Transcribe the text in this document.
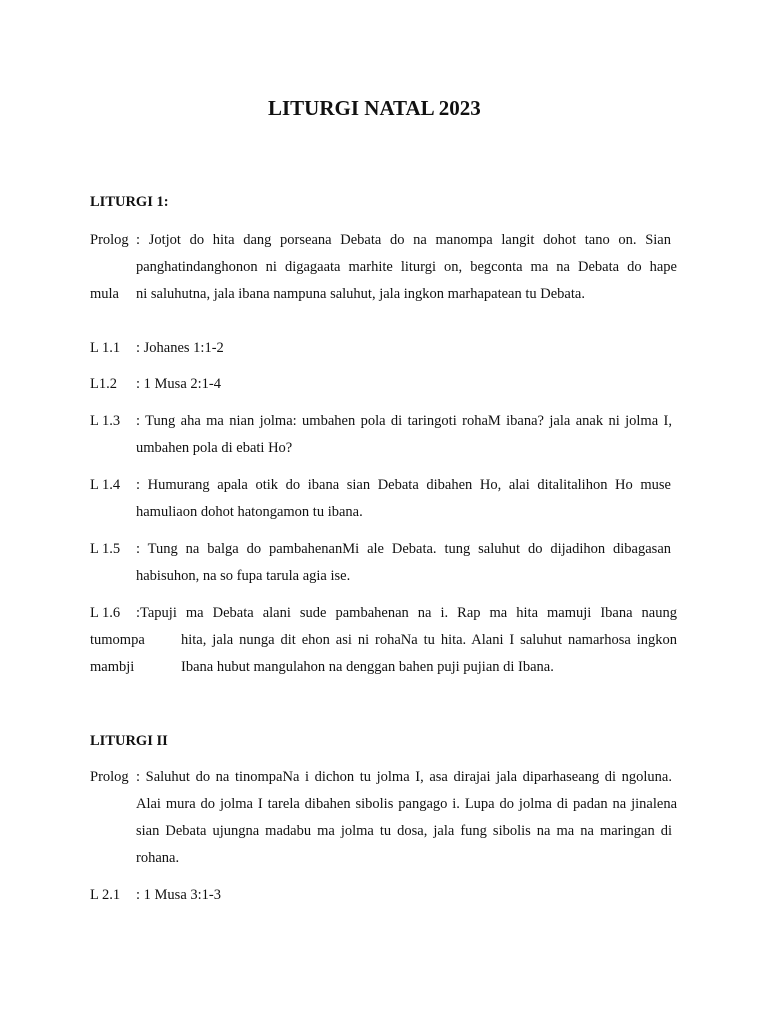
LITURGI NATAL 2023
LITURGI 1:
Prolog : Jotjot do hita dang porseana Debata do na manompa langit dohot tano on. Sian
panghatindanghonon ni digagaata marhite liturgi on, begconta ma na Debata do hape
mula ni saluhutna, jala ibana nampuna saluhut, jala ingkon marhapatean tu Debata.
L 1.1 : Johanes 1:1-2
L1.2 : 1 Musa 2:1-4
L 1.3 : Tung aha ma nian jolma: umbahen pola di taringoti rohaM ibana? jala anak ni jolma I,
umbahen pola di ebati Ho?
L 1.4 : Humurang apala otik do ibana sian Debata dibahen Ho, alai ditalitalihon Ho muse
hamuliaon dohot hatongamon tu ibana.
L 1.5 : Tung na balga do pambahenanMi ale Debata. tung saluhut do dijadihon dibagasan
habisuhon, na so fupa tarula agia ise.
L 1.6 :Tapuji ma Debata alani sude pambahenan na i. Rap ma hita mamuji Ibana naung
tumompa hita, jala nunga dit ehon asi ni rohaNa tu hita. Alani I saluhut namarhosa ingkon
mambji	Ibana hubut mangulahon na denggan bahen puji pujian di Ibana.
LITURGI II
Prolog : Saluhut do na tinompaNa i dichon tu jolma I, asa dirajai jala diparhaseang di ngoluna.
Alai mura do jolma I tarela dibahen sibolis pangago i. Lupa do jolma di padan na jinalena
sian Debata ujungna madabu ma jolma tu dosa, jala fung sibolis na ma na maringan di
rohana.
L 2.1 : 1 Musa 3:1-3
